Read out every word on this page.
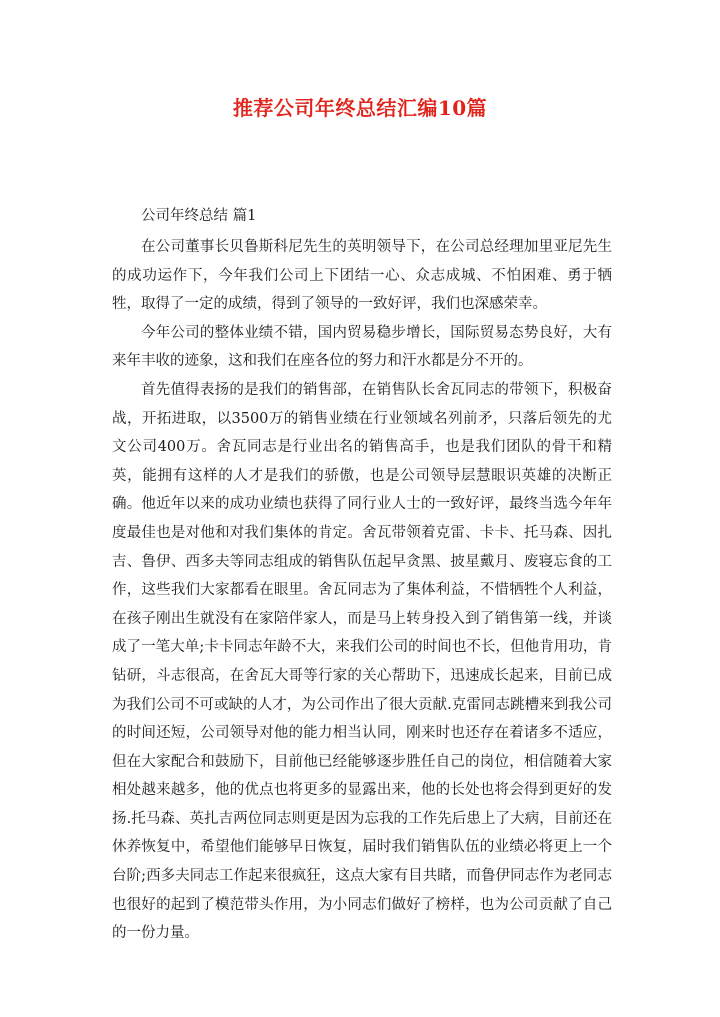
推荐公司年终总结汇编10篇

公司年终总结 篇1

在公司董事长贝鲁斯科尼先生的英明领导下，在公司总经理加里亚尼先生的成功运作下，今年我们公司上下团结一心、众志成城、不怕困难、勇于牺牲，取得了一定的成绩，得到了领导的一致好评，我们也深感荣幸。

今年公司的整体业绩不错，国内贸易稳步增长，国际贸易态势良好，大有来年丰收的迹象，这和我们在座各位的努力和汗水都是分不开的。

首先值得表扬的是我们的销售部，在销售队长舍瓦同志的带领下，积极奋战，开拓进取，以3500万的销售业绩在行业领域名列前矛，只落后领先的尤文公司400万。舍瓦同志是行业出名的销售高手，也是我们团队的骨干和精英，能拥有这样的人才是我们的骄傲，也是公司领导层慧眼识英雄的决断正确。他近年以来的成功业绩也获得了同行业人士的一致好评，最终当选今年年度最佳也是对他和对我们集体的肯定。舍瓦带领着克雷、卡卡、托马森、因扎吉、鲁伊、西多夫等同志组成的销售队伍起早贪黑、披星戴月、废寝忘食的工作，这些我们大家都看在眼里。舍瓦同志为了集体利益，不惜牺牲个人利益，在孩子刚出生就没有在家陪伴家人，而是马上转身投入到了销售第一线，并谈成了一笔大单;卡卡同志年龄不大，来我们公司的时间也不长，但他肯用功，肯钻研，斗志很高，在舍瓦大哥等行家的关心帮助下，迅速成长起来，目前已成为我们公司不可或缺的人才，为公司作出了很大贡献.克雷同志跳槽来到我公司的时间还短，公司领导对他的能力相当认同，刚来时也还存在着诸多不适应，但在大家配合和鼓励下，目前他已经能够逐步胜任自己的岗位，相信随着大家相处越来越多，他的优点也将更多的显露出来，他的长处也将会得到更好的发扬.托马森、英扎吉两位同志则更是因为忘我的工作先后患上了大病，目前还在休养恢复中，希望他们能够早日恢复，届时我们销售队伍的业绩必将更上一个台阶;西多夫同志工作起来很疯狂，这点大家有目共睹，而鲁伊同志作为老同志也很好的起到了模范带头作用，为小同志们做好了榜样，也为公司贡献了自己的一份力量。
